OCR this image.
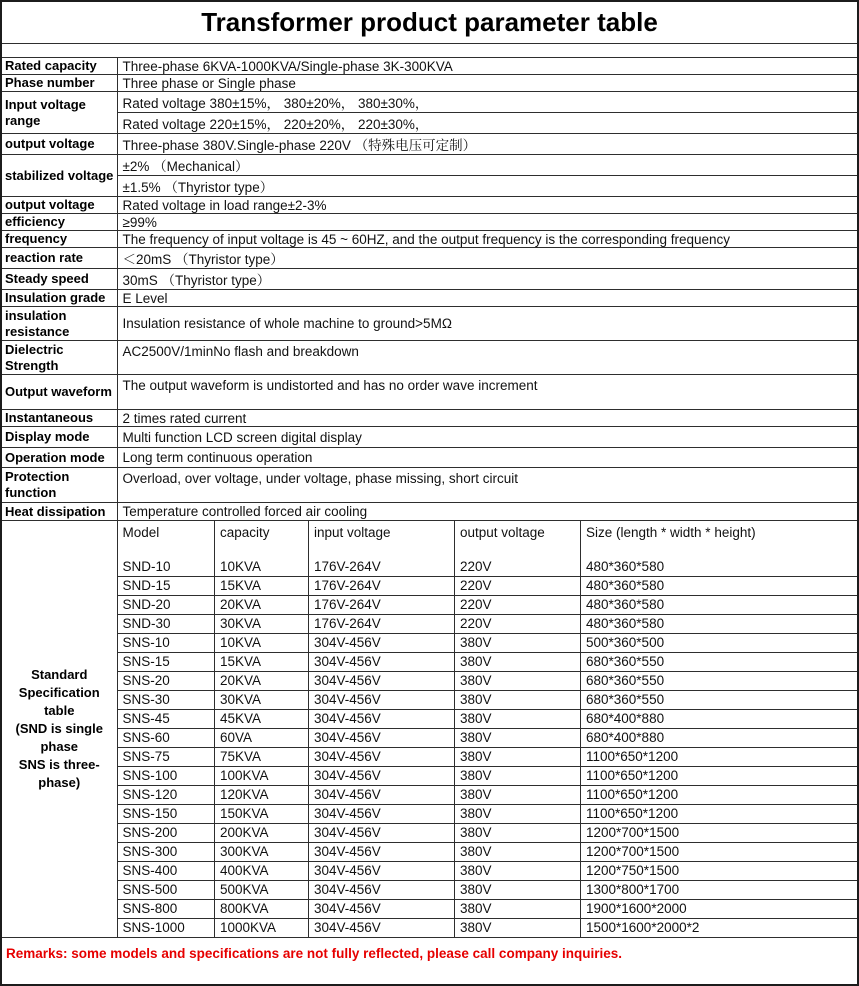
Transformer product parameter table
Rated capacity	Three-phase 6KVA-1000KVA/Single-phase 3K-300KVA
Phase number	Three phase or Single phase
Input voltage range	Rated voltage 380±15%， 380±20%， 380±30%，
Rated voltage 220±15%， 220±20%， 220±30%，
output voltage	Three-phase 380V.Single-phase 220V （特殊电压可定制）
stabilized voltage	±2% （Mechanical）
±1.5% （Thyristor type）
output voltage	Rated voltage in load range±2-3%
efficiency	≥99%
frequency	The frequency of input voltage is 45 ~ 60HZ, and the output frequency is the corresponding frequency
reaction rate	＜20mS （Thyristor type）
Steady speed	30mS （Thyristor type）
Insulation grade	E Level
insulation resistance	Insulation resistance of whole machine to ground>5MΩ
Dielectric Strength	AC2500V/1minNo flash and breakdown
Output waveform	The output waveform is undistorted and has no order wave increment
Instantaneous	2 times rated current
Display mode	Multi function LCD screen digital display
Operation mode	Long term continuous operation
Protection function	Overload, over voltage, under voltage, phase missing, short circuit
Heat dissipation	Temperature controlled forced air cooling

Standard
Specification
table
(SND is single
phase
SNS is three-
phase)

Model	capacity	input voltage	output voltage	Size (length * width * height)
SND-10	10KVA	176V-264V	220V	480*360*580
SND-15	15KVA	176V-264V	220V	480*360*580
SND-20	20KVA	176V-264V	220V	480*360*580
SND-30	30KVA	176V-264V	220V	480*360*580
SNS-10	10KVA	304V-456V	380V	500*360*500
SNS-15	15KVA	304V-456V	380V	680*360*550
SNS-20	20KVA	304V-456V	380V	680*360*550
SNS-30	30KVA	304V-456V	380V	680*360*550
SNS-45	45KVA	304V-456V	380V	680*400*880
SNS-60	60VA	304V-456V	380V	680*400*880
SNS-75	75KVA	304V-456V	380V	1100*650*1200
SNS-100	100KVA	304V-456V	380V	1100*650*1200
SNS-120	120KVA	304V-456V	380V	1100*650*1200
SNS-150	150KVA	304V-456V	380V	1100*650*1200
SNS-200	200KVA	304V-456V	380V	1200*700*1500
SNS-300	300KVA	304V-456V	380V	1200*700*1500
SNS-400	400KVA	304V-456V	380V	1200*750*1500
SNS-500	500KVA	304V-456V	380V	1300*800*1700
SNS-800	800KVA	304V-456V	380V	1900*1600*2000
SNS-1000	1000KVA	304V-456V	380V	1500*1600*2000*2
Remarks: some models and specifications are not fully reflected, please call company inquiries.
